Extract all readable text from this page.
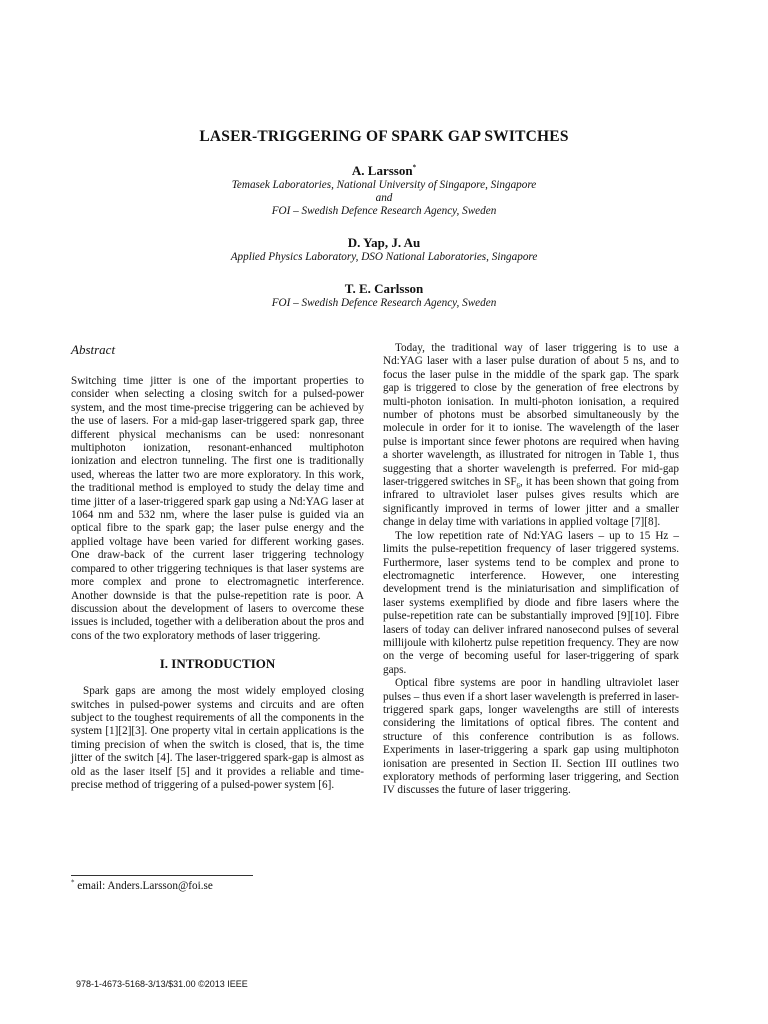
LASER-TRIGGERING OF SPARK GAP SWITCHES
A. Larsson*
Temasek Laboratories, National University of Singapore, Singapore
and
FOI – Swedish Defence Research Agency, Sweden
D. Yap, J. Au
Applied Physics Laboratory, DSO National Laboratories, Singapore
T. E. Carlsson
FOI – Swedish Defence Research Agency, Sweden
Abstract

Switching time jitter is one of the important properties to consider when selecting a closing switch for a pulsed-power system, and the most time-precise triggering can be achieved by the use of lasers. For a mid-gap laser-triggered spark gap, three different physical mechanisms can be used: nonresonant multiphoton ionization, resonant-enhanced multiphoton ionization and electron tunneling. The first one is traditionally used, whereas the latter two are more exploratory. In this work, the traditional method is employed to study the delay time and time jitter of a laser-triggered spark gap using a Nd:YAG laser at 1064 nm and 532 nm, where the laser pulse is guided via an optical fibre to the spark gap; the laser pulse energy and the applied voltage have been varied for different working gases. One draw-back of the current laser triggering technology compared to other triggering techniques is that laser systems are more complex and prone to electromagnetic interference. Another downside is that the pulse-repetition rate is poor. A discussion about the development of lasers to overcome these issues is included, together with a deliberation about the pros and cons of the two exploratory methods of laser triggering.

I. INTRODUCTION

Spark gaps are among the most widely employed closing switches in pulsed-power systems and circuits and are often subject to the toughest requirements of all the components in the system [1][2][3]. One property vital in certain applications is the timing precision of when the switch is closed, that is, the time jitter of the switch [4]. The laser-triggered spark-gap is almost as old as the laser itself [5] and it provides a reliable and time-precise method of triggering of a pulsed-power system [6].

Today, the traditional way of laser triggering is to use a Nd:YAG laser with a laser pulse duration of about 5 ns, and to focus the laser pulse in the middle of the spark gap. The spark gap is triggered to close by the generation of free electrons by multi-photon ionisation. In multi-photon ionisation, a required number of photons must be absorbed simultaneously by the molecule in order for it to ionise. The wavelength of the laser pulse is important since fewer photons are required when having a shorter wavelength, as illustrated for nitrogen in Table 1, thus suggesting that a shorter wavelength is preferred. For mid-gap laser-triggered switches in $SF_6$, it has been shown that going from infrared to ultraviolet laser pulses gives results which are significantly improved in terms of lower jitter and a smaller change in delay time with variations in applied voltage [7][8].

The low repetition rate of Nd:YAG lasers – up to 15 Hz – limits the pulse-repetition frequency of laser triggered systems. Furthermore, laser systems tend to be complex and prone to electromagnetic interference. However, one interesting development trend is the miniaturisation and simplification of laser systems exemplified by diode and fibre lasers where the pulse-repetition rate can be substantially improved [9][10]. Fibre lasers of today can deliver infrared nanosecond pulses of several millijoule with kilohertz pulse repetition frequency. They are now on the verge of becoming useful for laser-triggering of spark gaps.

Optical fibre systems are poor in handling ultraviolet laser pulses – thus even if a short laser wavelength is preferred in laser-triggered spark gaps, longer wavelengths are still of interests considering the limitations of optical fibres. The content and structure of this conference contribution is as follows. Experiments in laser-triggering a spark gap using multiphoton ionisation are presented in Section II. Section III outlines two exploratory methods of performing laser triggering, and Section IV discusses the future of laser triggering.

* email: Anders.Larsson@foi.se
978-1-4673-5168-3/13/$31.00 ©2013 IEEE
